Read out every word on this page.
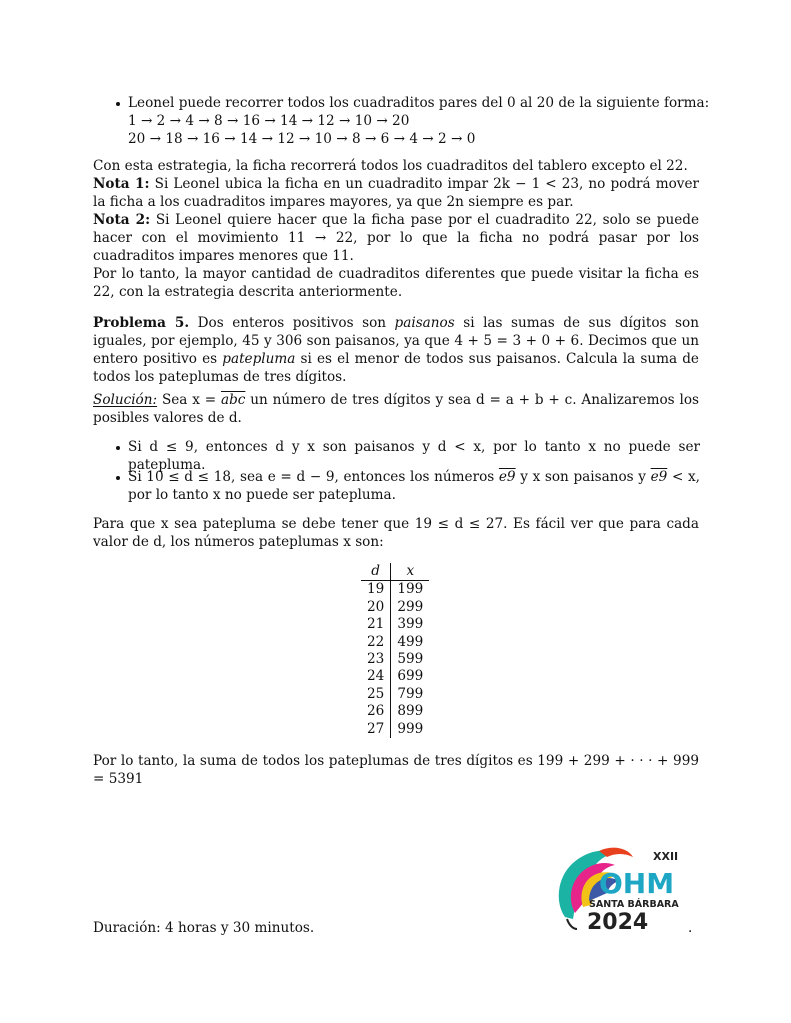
Leonel puede recorrer todos los cuadraditos pares del 0 al 20 de la siguiente forma:
1 → 2 → 4 → 8 → 16 → 14 → 12 → 10 → 20
20 → 18 → 16 → 14 → 12 → 10 → 8 → 6 → 4 → 2 → 0
Con esta estrategia, la ficha recorrerá todos los cuadraditos del tablero excepto el 22.
Nota 1: Si Leonel ubica la ficha en un cuadradito impar 2k − 1 < 23, no podrá mover la ficha a los cuadraditos impares mayores, ya que 2n siempre es par.
Nota 2: Si Leonel quiere hacer que la ficha pase por el cuadradito 22, solo se puede hacer con el movimiento 11 → 22, por lo que la ficha no podrá pasar por los cuadraditos impares menores que 11.
Por lo tanto, la mayor cantidad de cuadraditos diferentes que puede visitar la ficha es 22, con la estrategia descrita anteriormente.
Problema 5. Dos enteros positivos son paisanos si las sumas de sus dígitos son iguales, por ejemplo, 45 y 306 son paisanos, ya que 4 + 5 = 3 + 0 + 6. Decimos que un entero positivo es patepluma si es el menor de todos sus paisanos. Calcula la suma de todos los pateplumas de tres dígitos.
Solución: Sea $x = \overline{abc}$ un número de tres dígitos y sea d = a + b + c. Analizaremos los posibles valores de d.
Si d ≤ 9, entonces d y x son paisanos y d < x, por lo tanto x no puede ser patepluma.
Si 10 ≤ d ≤ 18, sea e = d − 9, entonces los números e9 y x son paisanos y e9 < x, por lo tanto x no puede ser patepluma.
Para que x sea patepluma se debe tener que 19 ≤ d ≤ 27. Es fácil ver que para cada valor de d, los números pateplumas x son:
d	x
19	199
20	299
21	399
22	499
23	599
24	699
25	799
26	899
27	999
Por lo tanto, la suma de todos los pateplumas de tres dígitos es 199 + 299 + · · · + 999 = 5391
XXII
OHM
SANTA BÁRBARA
2024
Duración: 4 horas y 30 minutos.	.
